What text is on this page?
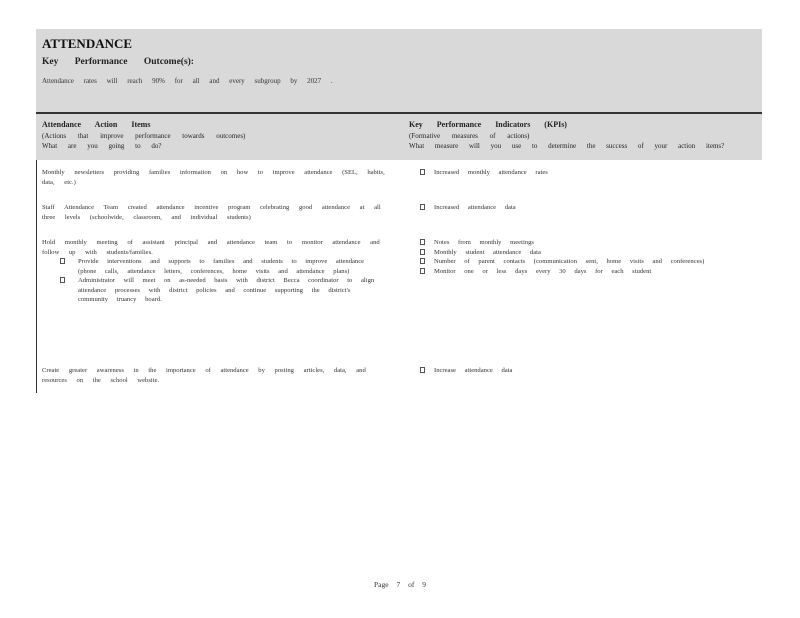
ATTENDANCE
Key Performance Outcome(s):
Attendance rates will reach 90% for all and every subgroup by 2027 .
Attendance Action Items
(Actions that improve performance towards outcomes)
What are you going to do?
Key Performance Indicators (KPIs)
(Formative measures of actions)
What measure will you use to determine the success of your action items?
Monthly newsletters providing families information on how to improve attendance (SEL, habits, data, etc.)
Increased monthly attendance rates
Staff Attendance Team created attendance incentive program celebrating good attendance at all three levels (schoolwide, classroom, and individual students)
Increased attendance data
Hold monthly meeting of assistant principal and attendance team to monitor attendance and follow up with students/families.
Provide interventions and supports to families and students to improve attendance (phone calls, attendance letters, conferences, home visits and attendance plans)
Administrator will meet on as-needed basis with district Becca coordinator to align attendance processes with district policies and continue supporting the district's community truancy board.
Notes from monthly meetings
Monthly student attendance data
Number of parent contacts (communication sent, home visits and conferences)
Monitor one or less days every 30 days for each student
Create greater awareness in the importance of attendance by posting articles, data, and resources on the school website.
Increase attendance data
Page 7 of 9
